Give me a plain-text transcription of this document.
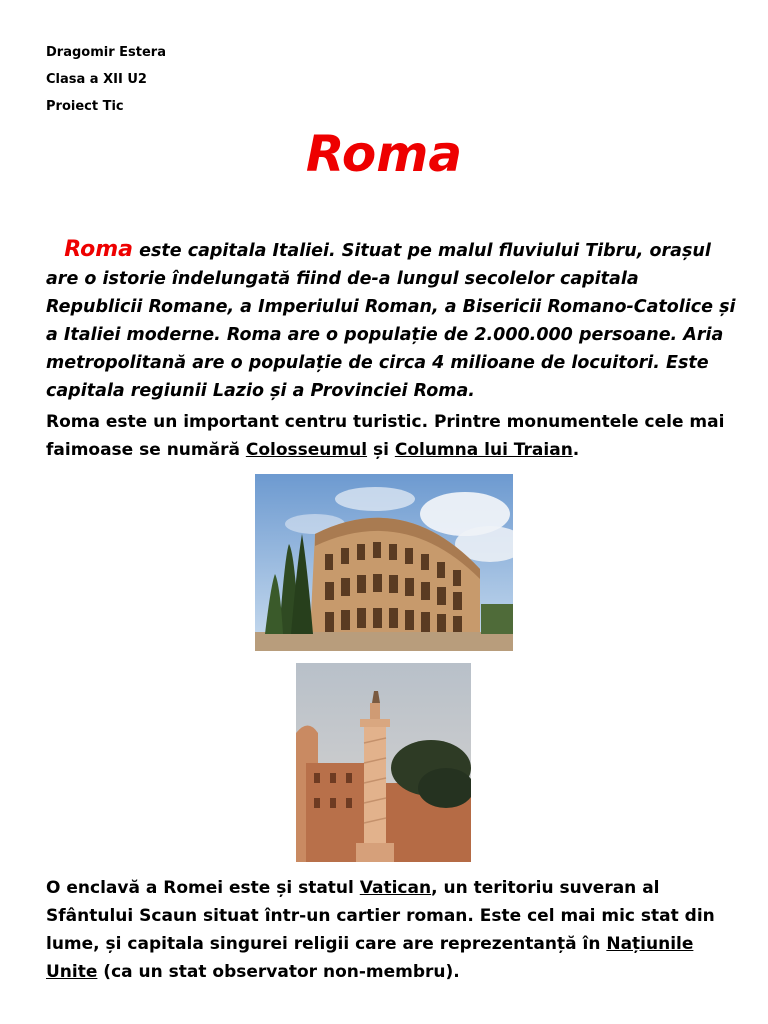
Dragomir Estera
Clasa a XII U2
Proiect Tic
Roma
Roma este capitala Italiei. Situat pe malul fluviului Tibru, orașul are o istorie îndelungată fiind de-a lungul secolelor capitala Republicii Romane, a Imperiului Roman, a Bisericii Romano-Catolice și a Italiei moderne. Roma are o populație de 2.000.000 persoane. Aria metropolitană are o populație de circa 4 milioane de locuitori. Este capitala regiunii Lazio și a Provinciei Roma.
Roma este un important centru turistic. Printre monumentele cele mai faimoase se numără Colosseumul și Columna lui Traian.
O enclavă a Romei este și statul Vatican, un teritoriu suveran al Sfântului Scaun situat într-un cartier roman. Este cel mai mic stat din lume, și capitala singurei religii care are reprezentanță în Națiunile Unite (ca un stat observator non-membru).
